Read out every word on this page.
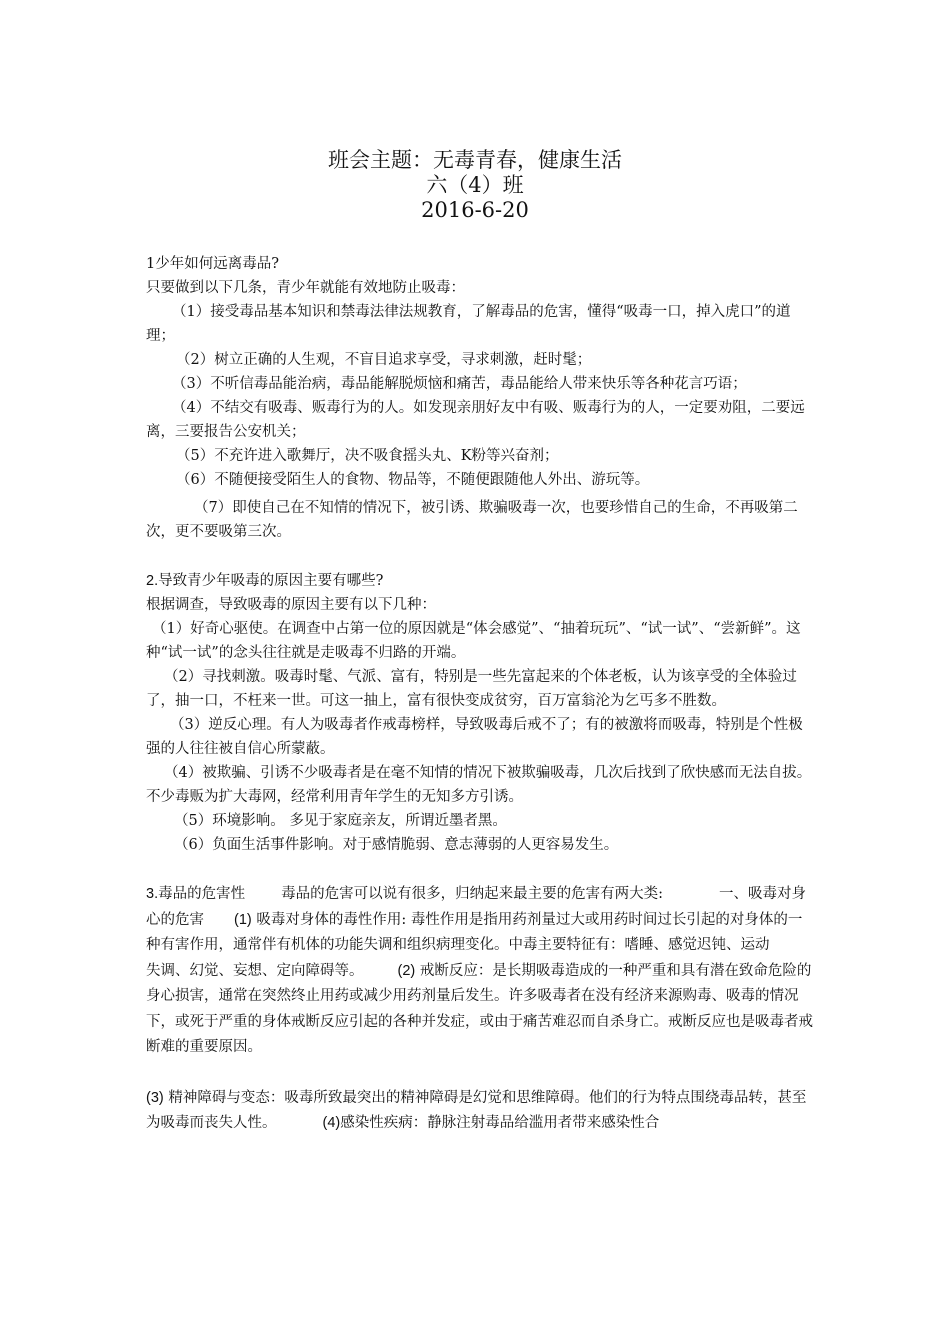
班会主题：无毒青春，健康生活
六（4）班
2016-6-20

1少年如何远离毒品?

只要做到以下几条，青少年就能有效地防止吸毒：

（1）接受毒品基本知识和禁毒法律法规教育，了解毒品的危害，懂得“吸毒一口，掉入虎口”的道理；

（2）树立正确的人生观，不盲目追求享受，寻求刺激，赶时髦；

（3）不听信毒品能治病，毒品能解脱烦恼和痛苦，毒品能给人带来快乐等各种花言巧语；

（4）不结交有吸毒、贩毒行为的人。如发现亲朋好友中有吸、贩毒行为的人，一定要劝阻，二要远离，三要报告公安机关；

（5）不充许进入歌舞厅，决不吸食摇头丸、K粉等兴奋剂；

（6）不随便接受陌生人的食物、物品等，不随便跟随他人外出、游玩等。

（7）即使自己在不知情的情况下，被引诱、欺骗吸毒一次，也要珍惜自己的生命，不再吸第二次，更不要吸第三次。

2.导致青少年吸毒的原因主要有哪些?

根据调查，导致吸毒的原因主要有以下几种：

（1）好奇心驱使。在调查中占第一位的原因就是“体会感觉”、“抽着玩玩”、“试一试”、“尝新鲜”。这种“试一试”的念头往往就是走吸毒不归路的开端。

（2）寻找刺激。吸毒时髦、气派、富有，特别是一些先富起来的个体老板，认为该享受的全体验过了，抽一口，不枉来一世。可这一抽上，富有很快变成贫穷，百万富翁沦为乞丐多不胜数。

（3）逆反心理。有人为吸毒者作戒毒榜样，导致吸毒后戒不了；有的被激将而吸毒，特别是个性极强的人往往被自信心所蒙蔽。

（4）被欺骗、引诱不少吸毒者是在毫不知情的情况下被欺骗吸毒，几次后找到了欣快感而无法自拔。不少毒贩为扩大毒网，经常利用青年学生的无知多方引诱。

（5）环境影响。 多见于家庭亲友，所谓近墨者黑。

（6）负面生活事件影响。对于感情脆弱、意志薄弱的人更容易发生。

3.毒品的危害性 毒品的危害可以说有很多，归纳起来最主要的危害有两大类:	一、吸毒对身心的危害 (1) 吸毒对身体的毒性作用: 毒性作用是指用药剂量过大或用药时间过长引起的对身体的一种有害作用，通常伴有机体的功能失调和组织病理变化。中毒主要特征有：嗜睡、感觉迟钝、运动失调、幻觉、妄想、定向障碍等。 (2) 戒断反应：是长期吸毒造成的一种严重和具有潜在致命危险的身心损害，通常在突然终止用药或减少用药剂量后发生。许多吸毒者在没有经济来源购毒、吸毒的情况下，或死于严重的身体戒断反应引起的各种并发症，或由于痛苦难忍而自杀身亡。戒断反应也是吸毒者戒断难的重要原因。

(3) 精神障碍与变态：吸毒所致最突出的精神障碍是幻觉和思维障碍。他们的行为特点围绕毒品转，甚至为吸毒而丧失人性。	(4)感染性疾病：静脉注射毒品给滥用者带来感染性合
